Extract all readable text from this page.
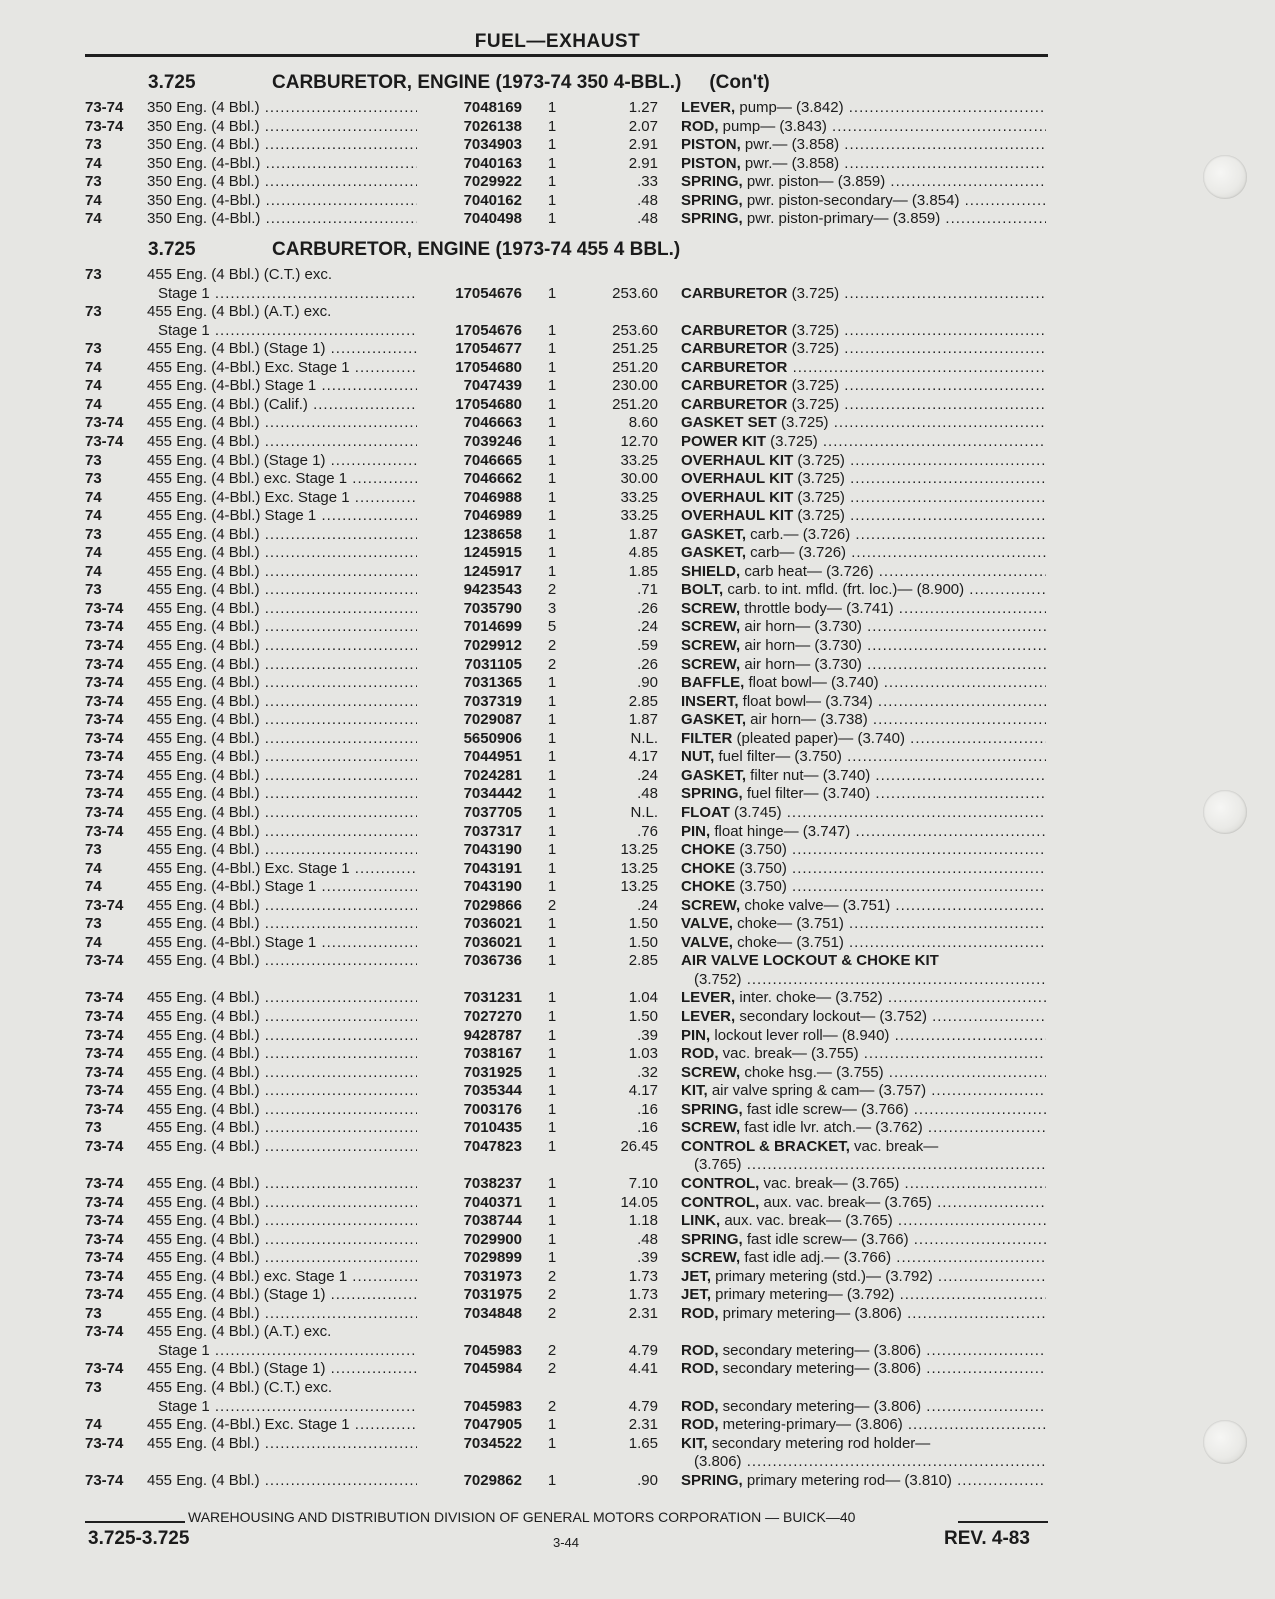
FUEL—EXHAUST
3.725	CARBURETOR, ENGINE (1973-74 350 4-BBL.) (Con't)
3.725	CARBURETOR, ENGINE (1973-74 455 4 BBL.)
73-74	350 Eng. (4 Bbl.) .....	7048169	1	1.27 LEVER, pump— (3.842) .....
73-74	350 Eng. (4 Bbl.) .....	7026138	1	2.07 ROD, pump— (3.843) .....
73	350 Eng. (4 Bbl.) .....	7034903	1	2.91 PISTON, pwr.— (3.858) .....
74	350 Eng. (4-Bbl.) .....	7040163	1	2.91 PISTON, pwr.— (3.858) .....
73	350 Eng. (4 Bbl.) .....	7029922	1	.33 SPRING, pwr. piston— (3.859) .....
74	350 Eng. (4-Bbl.) .....	7040162	1	.48 SPRING, pwr. piston-secondary— (3.854) .....
74	350 Eng. (4-Bbl.) .....	7040498	1	.48 SPRING, pwr. piston-primary— (3.859) .....
73	455 Eng. (4 Bbl.) (C.T.) exc.
Stage 1 .....	17054676	1	253.60 CARBURETOR (3.725) .....
73	455 Eng. (4 Bbl.) (A.T.) exc.
Stage 1 .....	17054676	1	253.60 CARBURETOR (3.725) .....
73	455 Eng. (4 Bbl.) (Stage 1) .....	17054677	1	251.25 CARBURETOR (3.725) .....
74	455 Eng. (4-Bbl.) Exc. Stage 1 .....	17054680	1	251.20 CARBURETOR .....
74	455 Eng. (4-Bbl.) Stage 1 .....	7047439	1	230.00 CARBURETOR (3.725) .....
74	455 Eng. (4 Bbl.) (Calif.) .....	17054680	1	251.20 CARBURETOR (3.725) .....
73-74	455 Eng. (4 Bbl.) .....	7046663	1	8.60 GASKET SET (3.725) .....
73-74	455 Eng. (4 Bbl.) .....	7039246	1	12.70 POWER KIT (3.725) .....
73	455 Eng. (4 Bbl.) (Stage 1) .....	7046665	1	33.25 OVERHAUL KIT (3.725) .....
73	455 Eng. (4 Bbl.) exc. Stage 1 .....	7046662	1	30.00 OVERHAUL KIT (3.725) .....
74	455 Eng. (4-Bbl.) Exc. Stage 1 .....	7046988	1	33.25 OVERHAUL KIT (3.725) .....
74	455 Eng. (4-Bbl.) Stage 1 .....	7046989	1	33.25 OVERHAUL KIT (3.725) .....
73	455 Eng. (4 Bbl.) .....	1238658	1	1.87 GASKET, carb.— (3.726) .....
74	455 Eng. (4 Bbl.) .....	1245915	1	4.85 GASKET, carb— (3.726) .....
74	455 Eng. (4 Bbl.) .....	1245917	1	1.85 SHIELD, carb heat— (3.726) .....
73	455 Eng. (4 Bbl.) .....	9423543	2	.71 BOLT, carb. to int. mfld. (frt. loc.)— (8.900) .....
73-74	455 Eng. (4 Bbl.) .....	7035790	3	.26 SCREW, throttle body— (3.741) .....
73-74	455 Eng. (4 Bbl.) .....	7014699	5	.24 SCREW, air horn— (3.730) .....
73-74	455 Eng. (4 Bbl.) .....	7029912	2	.59 SCREW, air horn— (3.730) .....
73-74	455 Eng. (4 Bbl.) .....	7031105	2	.26 SCREW, air horn— (3.730) .....
73-74	455 Eng. (4 Bbl.) .....	7031365	1	.90 BAFFLE, float bowl— (3.740) .....
73-74	455 Eng. (4 Bbl.) .....	7037319	1	2.85 INSERT, float bowl— (3.734) .....
73-74	455 Eng. (4 Bbl.) .....	7029087	1	1.87 GASKET, air horn— (3.738) .....
73-74	455 Eng. (4 Bbl.) .....	5650906	1	N.L. FILTER (pleated paper)— (3.740) .....
73-74	455 Eng. (4 Bbl.) .....	7044951	1	4.17 NUT, fuel filter— (3.750) .....
73-74	455 Eng. (4 Bbl.) .....	7024281	1	.24 GASKET, filter nut— (3.740) .....
73-74	455 Eng. (4 Bbl.) .....	7034442	1	.48 SPRING, fuel filter— (3.740) .....
73-74	455 Eng. (4 Bbl.) .....	7037705	1	N.L. FLOAT (3.745) .....
73-74	455 Eng. (4 Bbl.) .....	7037317	1	.76 PIN, float hinge— (3.747) .....
73	455 Eng. (4 Bbl.) .....	7043190	1	13.25 CHOKE (3.750) .....
74	455 Eng. (4-Bbl.) Exc. Stage 1 .....	7043191	1	13.25 CHOKE (3.750) .....
74	455 Eng. (4-Bbl.) Stage 1 .....	7043190	1	13.25 CHOKE (3.750) .....
73-74	455 Eng. (4 Bbl.) .....	7029866	2	.24 SCREW, choke valve— (3.751) .....
73	455 Eng. (4 Bbl.) .....	7036021	1	1.50 VALVE, choke— (3.751) .....
74	455 Eng. (4-Bbl.) Stage 1 .....	7036021	1	1.50 VALVE, choke— (3.751) .....
73-74	455 Eng. (4 Bbl.) .....	7036736	1	2.85 AIR VALVE LOCKOUT & CHOKE KIT
(3.752) .....
73-74	455 Eng. (4 Bbl.) .....	7031231	1	1.04 LEVER, inter. choke— (3.752) .....
73-74	455 Eng. (4 Bbl.) .....	7027270	1	1.50 LEVER, secondary lockout— (3.752) .....
73-74	455 Eng. (4 Bbl.) .....	9428787	1	.39 PIN, lockout lever roll— (8.940) .....
73-74	455 Eng. (4 Bbl.) .....	7038167	1	1.03 ROD, vac. break— (3.755) .....
73-74	455 Eng. (4 Bbl.) .....	7031925	1	.32 SCREW, choke hsg.— (3.755) .....
73-74	455 Eng. (4 Bbl.) .....	7035344	1	4.17 KIT, air valve spring & cam— (3.757) .....
73-74	455 Eng. (4 Bbl.) .....	7003176	1	.16 SPRING, fast idle screw— (3.766) .....
73	455 Eng. (4 Bbl.) .....	7010435	1	.16 SCREW, fast idle lvr. atch.— (3.762) .....
73-74	455 Eng. (4 Bbl.) .....	7047823	1	26.45 CONTROL & BRACKET, vac. break—
(3.765) .....
73-74	455 Eng. (4 Bbl.) .....	7038237	1	7.10 CONTROL, vac. break— (3.765) .....
73-74	455 Eng. (4 Bbl.) .....	7040371	1	14.05 CONTROL, aux. vac. break— (3.765) .....
73-74	455 Eng. (4 Bbl.) .....	7038744	1	1.18 LINK, aux. vac. break— (3.765) .....
73-74	455 Eng. (4 Bbl.) .....	7029900	1	.48 SPRING, fast idle screw— (3.766) .....
73-74	455 Eng. (4 Bbl.) .....	7029899	1	.39 SCREW, fast idle adj.— (3.766) .....
73-74	455 Eng. (4 Bbl.) exc. Stage 1 .....	7031973	2	1.73 JET, primary metering (std.)— (3.792) .....
73-74	455 Eng. (4 Bbl.) (Stage 1) .....	7031975	2	1.73 JET, primary metering— (3.792) .....
73	455 Eng. (4 Bbl.) .....	7034848	2	2.31 ROD, primary metering— (3.806) .....
73-74	455 Eng. (4 Bbl.) (A.T.) exc.
Stage 1 .....	7045983	2	4.79 ROD, secondary metering— (3.806) .....
73-74	455 Eng. (4 Bbl.) (Stage 1) .....	7045984	2	4.41 ROD, secondary metering— (3.806) .....
73	455 Eng. (4 Bbl.) (C.T.) exc.
Stage 1 .....	7045983	2	4.79 ROD, secondary metering— (3.806) .....
74	455 Eng. (4-Bbl.) Exc. Stage 1 .....	7047905	1	2.31 ROD, metering-primary— (3.806) .....
73-74	455 Eng. (4 Bbl.) .....	7034522	1	1.65 KIT, secondary metering rod holder—
(3.806) .....
73-74	455 Eng. (4 Bbl.) .....	7029862	1	.90 SPRING, primary metering rod— (3.810) .....
WAREHOUSING AND DISTRIBUTION DIVISION OF GENERAL MOTORS CORPORATION — BUICK—40
3.725-3.725	3-44	REV. 4-83
